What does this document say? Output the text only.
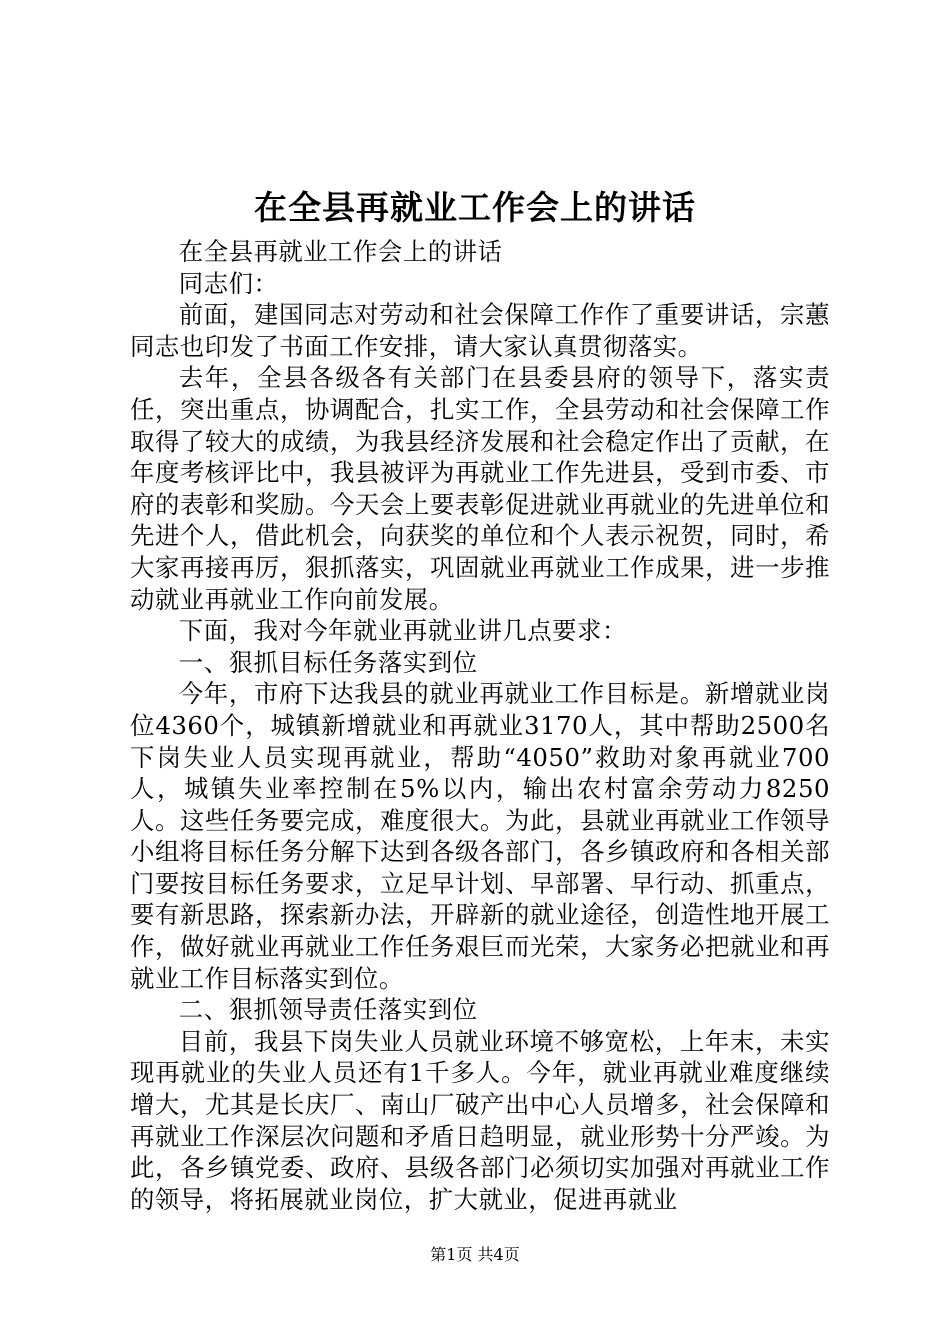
在全县再就业工作会上的讲话

在全县再就业工作会上的讲话

同志们：

前面，建国同志对劳动和社会保障工作作了重要讲话，宗蕙同志也印发了书面工作安排，请大家认真贯彻落实。

去年，全县各级各有关部门在县委县府的领导下，落实责任，突出重点，协调配合，扎实工作，全县劳动和社会保障工作取得了较大的成绩，为我县经济发展和社会稳定作出了贡献，在年度考核评比中，我县被评为再就业工作先进县，受到市委、市府的表彰和奖励。今天会上要表彰促进就业再就业的先进单位和先进个人，借此机会，向获奖的单位和个人表示祝贺，同时，希大家再接再厉，狠抓落实，巩固就业再就业工作成果，进一步推动就业再就业工作向前发展。

下面，我对今年就业再就业讲几点要求：

一、狠抓目标任务落实到位

今年，市府下达我县的就业再就业工作目标是。新增就业岗位4360个，城镇新增就业和再就业3170人，其中帮助2500名下岗失业人员实现再就业，帮助“4050”救助对象再就业700人，城镇失业率控制在5%以内，输出农村富余劳动力8250人。这些任务要完成，难度很大。为此，县就业再就业工作领导小组将目标任务分解下达到各级各部门，各乡镇政府和各相关部门要按目标任务要求，立足早计划、早部署、早行动、抓重点，要有新思路，探索新办法，开辟新的就业途径，创造性地开展工作，做好就业再就业工作任务艰巨而光荣，大家务必把就业和再就业工作目标落实到位。

二、狠抓领导责任落实到位

目前，我县下岗失业人员就业环境不够宽松，上年末，未实现再就业的失业人员还有1千多人。今年，就业再就业难度继续增大，尤其是长庆厂、南山厂破产出中心人员增多，社会保障和再就业工作深层次问题和矛盾日趋明显，就业形势十分严竣。为此，各乡镇党委、政府、县级各部门必须切实加强对再就业工作的领导，将拓展就业岗位，扩大就业，促进再就业

第1页 共4页
